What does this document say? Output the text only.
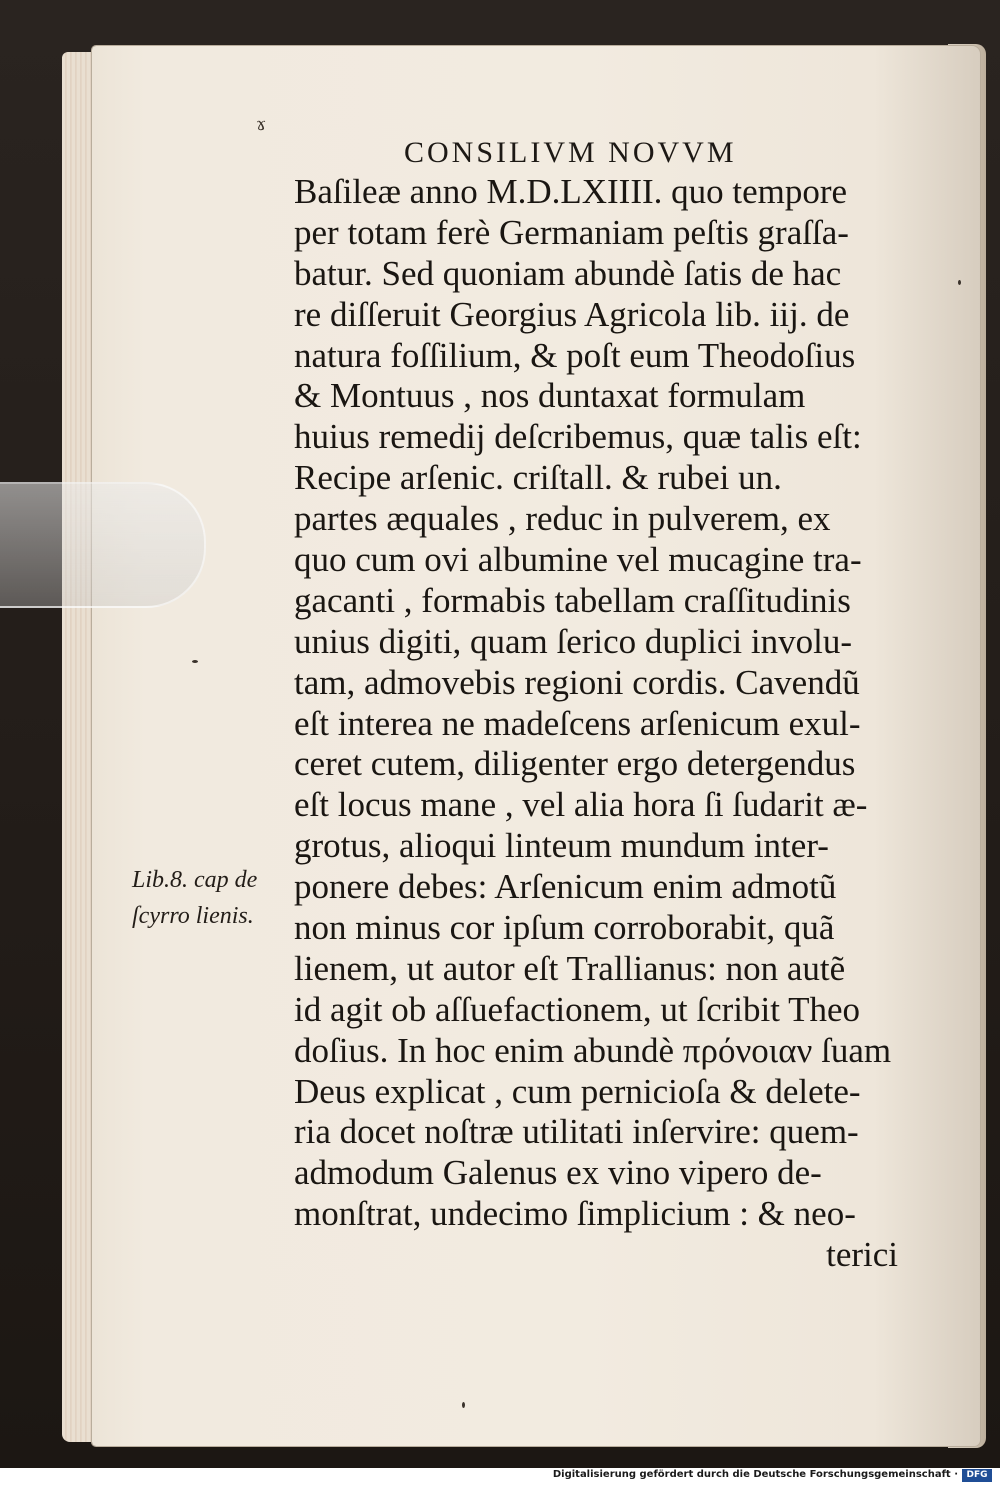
ɤ
CONSILIVM NOVVM
Baſileæ anno M.D.LXIIII. quo tempore
per totam ferè Germaniam peſtis graſſa-
batur. Sed quoniam abundè ſatis de hac
re diſſeruit Georgius Agricola lib. iij. de
natura foſſilium, & poſt eum Theodoſius
& Montuus , nos duntaxat formulam
huius remedij deſcribemus, quæ talis eſt:
Recipe arſenic. criſtall. & rubei un.
partes æquales , reduc in pulverem, ex
quo cum ovi albumine vel mucagine tra-
gacanti , formabis tabellam craſſitudinis
unius digiti, quam ſerico duplici involu-
tam, admovebis regioni cordis. Cavendũ
eſt interea ne madeſcens arſenicum exul-
ceret cutem, diligenter ergo detergendus
eſt locus mane , vel alia hora ſi ſudarit æ-
grotus, alioqui linteum mundum inter-
ponere debes: Arſenicum enim admotũ
non minus cor ipſum corroborabit, quã
lienem, ut autor eſt Trallianus: non autẽ
id agit ob aſſuefactionem, ut ſcribit Theo
doſius. In hoc enim abundè πρόνοιαν ſuam
Deus explicat , cum pernicioſa & delete-
ria docet noſtræ utilitati inſervire: quem-
admodum Galenus ex vino vipero de-
monſtrat, undecimo ſimplicium : & neo-
terici
Lib.8. cap de
ſcyrro lienis.
Digitalisierung gefördert durch die Deutsche Forschungsgemeinschaft · DFG
